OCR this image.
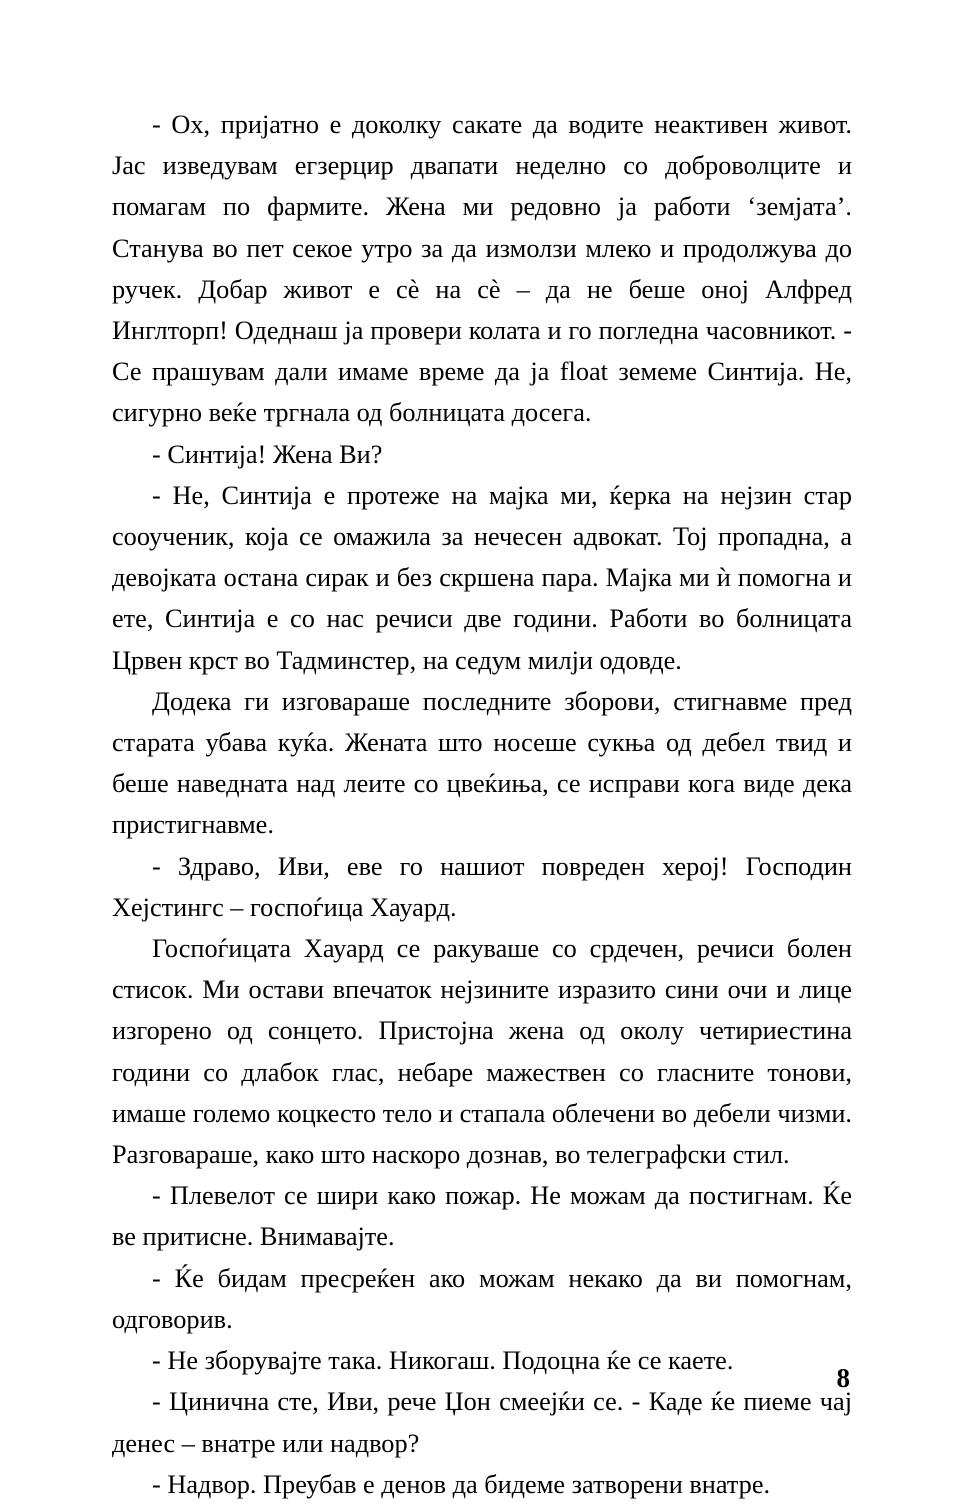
- Ох, пријатно е доколку сакате да водите неактивен живот. Јас изведувам егзерцир двапати неделно со доброволците и помагам по фармите. Жена ми редовно ја работи ‘земјата’. Станува во пет секое утро за да измолзи млеко и продолжува до ручек. Добар живот е сѐ на сѐ – да не беше оној Алфред Инглторп! Одеднаш ја провери колата и го погледна часовникот. - Се прашувам дали имаме време да ја float земеме Синтија. Не, сигурно веќе тргнала од болницата досега.

- Синтија! Жена Ви?

- Не, Синтија е протеже на мајка ми, ќерка на нејзин стар сооученик, која се омажила за нечесен адвокат. Тој пропадна, а девојката остана сирак и без скршена пара. Мајка ми ѝ помогна и ете, Синтија е со нас речиси две години. Работи во болницата Црвен крст во Тадминстер, на седум милји одовде.

Додека ги изговараше последните зборови, стигнавме пред старата убава куќа. Жената што носеше сукња од дебел твид и беше наведната над леите со цвеќиња, се исправи кога виде дека пристигнавме.

- Здраво, Иви, еве го нашиот повреден херој! Господин Хејстингс – госпоѓица Хауард.

Госпоѓицата Хауард се ракуваше со срдечен, речиси болен стисок. Ми остави впечаток нејзините изразито сини очи и лице изгорено од сонцето. Пристојна жена од околу четириестина години со длабок глас, небаре мажествен со гласните тонови, имаше големо коцкесто тело и стапала облечени во дебели чизми. Разговараше, како што наскоро дознав, во телеграфски стил.

- Плевелот се шири како пожар. Не можам да постигнам. Ќе ве притисне. Внимавајте.

- Ќе бидам пресреќен ако можам некако да ви помогнам, одговорив.

- Не зборувајте така. Никогаш. Подоцна ќе се каете.

- Цинична сте, Иви, рече Џон смеејќи се. - Каде ќе пиеме чај денес – внатре или надвор?

- Надвор. Преубав е денов да бидеме затворени внатре.

8
